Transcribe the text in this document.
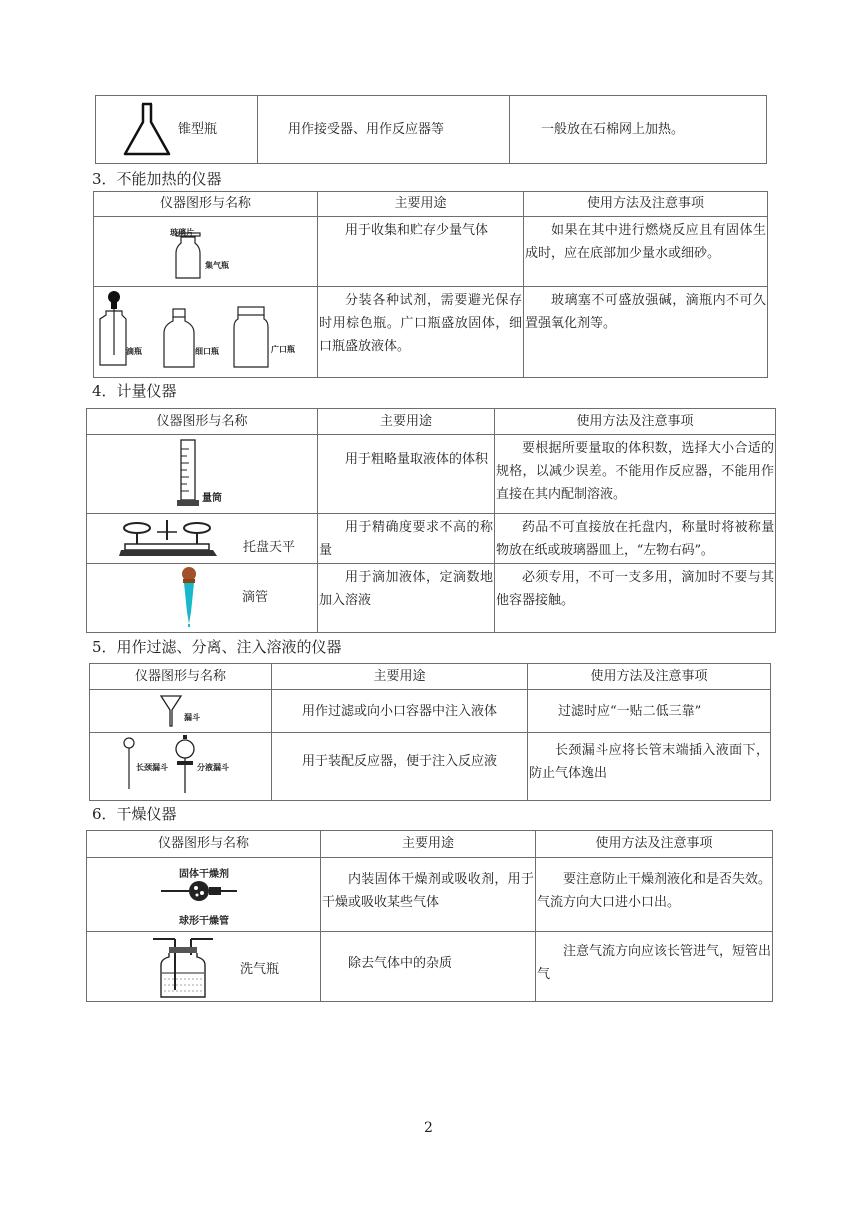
锥型瓶	用作接受器、用作反应器等	一般放在石棉网上加热。
3．不能加热的仪器
仪器图形与名称	主要用途	使用方法及注意事项

玻璃片
集气瓶	用于收集和贮存少量气体	如果在其中进行燃烧反应且有固体生成时，应在底部加少量水或细砂。

滴瓶 细口瓶 广口瓶	分装各种试剂，需要避光保存时用棕色瓶。广口瓶盛放固体，细口瓶盛放液体。	玻璃塞不可盛放强碱，滴瓶内不可久置强氧化剂等。
4．计量仪器
仪器图形与名称	主要用途	使用方法及注意事项

量筒	用于粗略量取液体的体积	要根据所要量取的体积数，选择大小合适的规格，以减少误差。不能用作反应器，不能用作直接在其内配制溶液。

托盘天平	用于精确度要求不高的称量	药品不可直接放在托盘内，称量时将被称量物放在纸或玻璃器皿上，“左物右码”。

滴管	用于滴加液体，定滴数地加入溶液	必须专用，不可一支多用，滴加时不要与其他容器接触。
5．用作过滤、分离、注入溶液的仪器
仪器图形与名称	主要用途	使用方法及注意事项

漏斗	用作过滤或向小口容器中注入液体	过滤时应“一贴二低三靠”

长颈漏斗 分液漏斗	用于装配反应器，便于注入反应液	长颈漏斗应将长管末端插入液面下，防止气体逸出
6．干燥仪器
仪器图形与名称	主要用途	使用方法及注意事项

固体干燥剂
球形干燥管	内装固体干燥剂或吸收剂，用于干燥或吸收某些气体	要注意防止干燥剂液化和是否失效。气流方向大口进小口出。

洗气瓶	除去气体中的杂质	注意气流方向应该长管进气，短管出气
2
